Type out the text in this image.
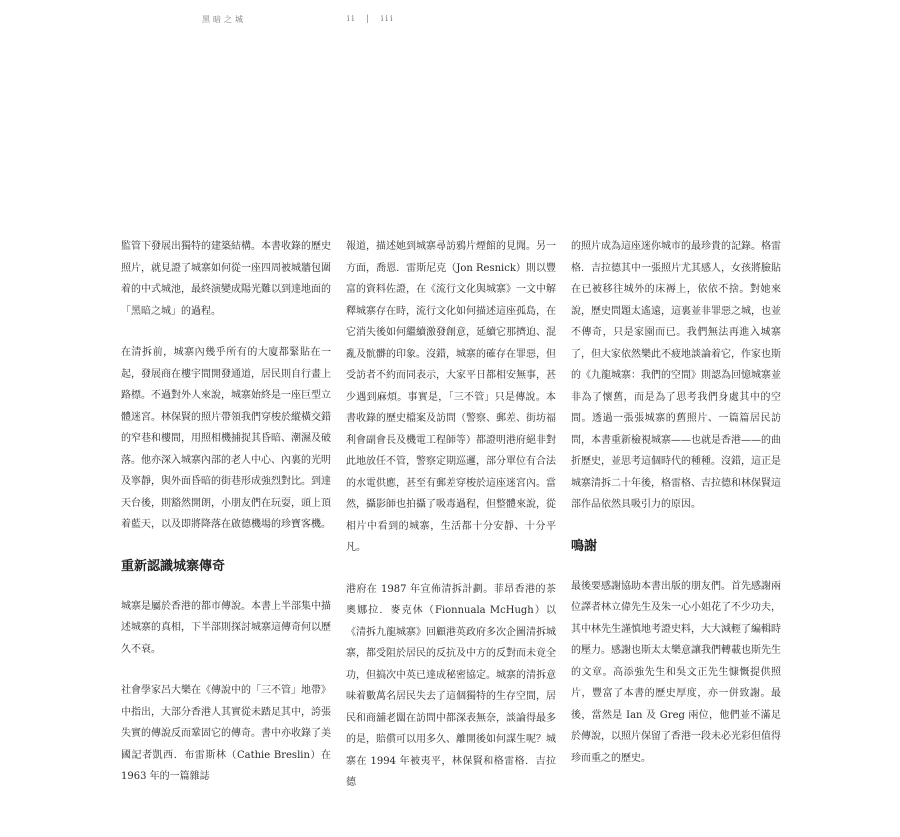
黑暗之城	ii | iii

監管下發展出獨特的建築結構。本書收錄的歷史照片，就見證了城寨如何從一座四周被城牆包圍着的中式城池，最終演變成陽光難以到達地面的「黑暗之城」的過程。

在清拆前，城寨內幾乎所有的大廈都緊貼在一起，發展商在樓宇間開發通道，居民則自行畫上路標。不過對外人來說，城寨始終是一座巨型立體迷宮。林保賢的照片帶領我們穿梭於縱橫交錯的窄巷和樓間，用照相機捕捉其昏暗、潮濕及破落。他亦深入城寨內部的老人中心、內裏的光明及寧靜，與外面昏暗的街巷形成強烈對比。到達天台後，則豁然開朗，小朋友們在玩耍，頭上頂着藍天，以及即將降落在啟德機場的珍寶客機。

重新認識城寨傳奇

城寨是屬於香港的都市傳說。本書上半部集中描述城寨的真相，下半部則探討城寨這傳奇何以歷久不衰。

社會學家呂大樂在《傳說中的「三不管」地帶》中指出，大部分香港人其實從未踏足其中，誇張失實的傳說反而鞏固它的傳奇。書中亦收錄了美國記者凱西．布雷斯林（Cathie Breslin）在 1963 年的一篇雜誌

報道，描述她到城寨尋訪鴉片煙館的見聞。另一方面，喬恩．雷斯尼克（Jon Resnick）則以豐富的資料佐證，在《流行文化與城寨》一文中解釋城寨存在時，流行文化如何描述這座孤島，在它消失後如何繼續激發創意，延續它那擠迫、混亂及骯髒的印象。沒錯，城寨的確存在罪惡，但受訪者不約而同表示，大家平日都相安無事，甚少遇到麻煩。事實是，「三不管」只是傳說。本書收錄的歷史檔案及訪問（警察、郵差、街坊福利會副會長及機電工程師等）都證明港府絕非對此地放任不管，警察定期巡邏，部分單位有合法的水電供應，甚至有郵差穿梭於這座迷宮內。當然，攝影師也拍攝了吸毒過程，但整體來說，從相片中看到的城寨，生活都十分安靜、十分平凡。

港府在 1987 年宣佈清拆計劃。菲昂香港的茶奧娜拉．麥克休（Fionnuala McHugh）以《清拆九龍城寨》回顧港英政府多次企圖清拆城寨，都受阻於居民的反抗及中方的反對而未竟全功，但搞次中英已達成秘密協定。城寨的清拆意味着數萬名居民失去了這個獨特的生存空間，居民和商舖老闆在訪問中都深表無奈，談論得最多的是，賠償可以用多久、離開後如何謀生呢？城寨在 1994 年被夷平，林保賢和格雷格．吉拉德

的照片成為這座迷你城市的最珍貴的記錄。格雷格．吉拉德其中一張照片尤其感人，女孩將臉貼在已被移往城外的床褥上，依依不捨。對她來說，歷史問題太遙遠，這裏並非罪惡之城，也並不傳奇，只是家園而已。我們無法再進入城寨了，但大家依然樂此不疲地談論着它，作家也斯的《九龍城寨：我們的空間》則認為回憶城寨並非為了懷舊，而是為了思考我們身處其中的空間。透過一張張城寨的舊照片、一篇篇居民訪問，本書重新檢視城寨——也就是香港——的曲折歷史，並思考這個時代的種種。沒錯，這正是城寨清拆二十年後，格雷格、吉拉德和林保賢這部作品依然具吸引力的原因。

鳴謝

最後要感謝協助本書出版的朋友們。首先感謝兩位譯者林立偉先生及朱一心小姐花了不少功夫，其中林先生謹慎地考證史料，大大減輕了編輯時的壓力。感謝也斯太太樂意讓我們轉載也斯先生的文章。高添強先生和吳文正先生慷慨提供照片，豐富了本書的歷史厚度，亦一併致謝。最後，當然是 Ian 及 Greg 兩位，他們並不滿足於傳說，以照片保留了香港一段未必光彩但值得珍而重之的歷史。
